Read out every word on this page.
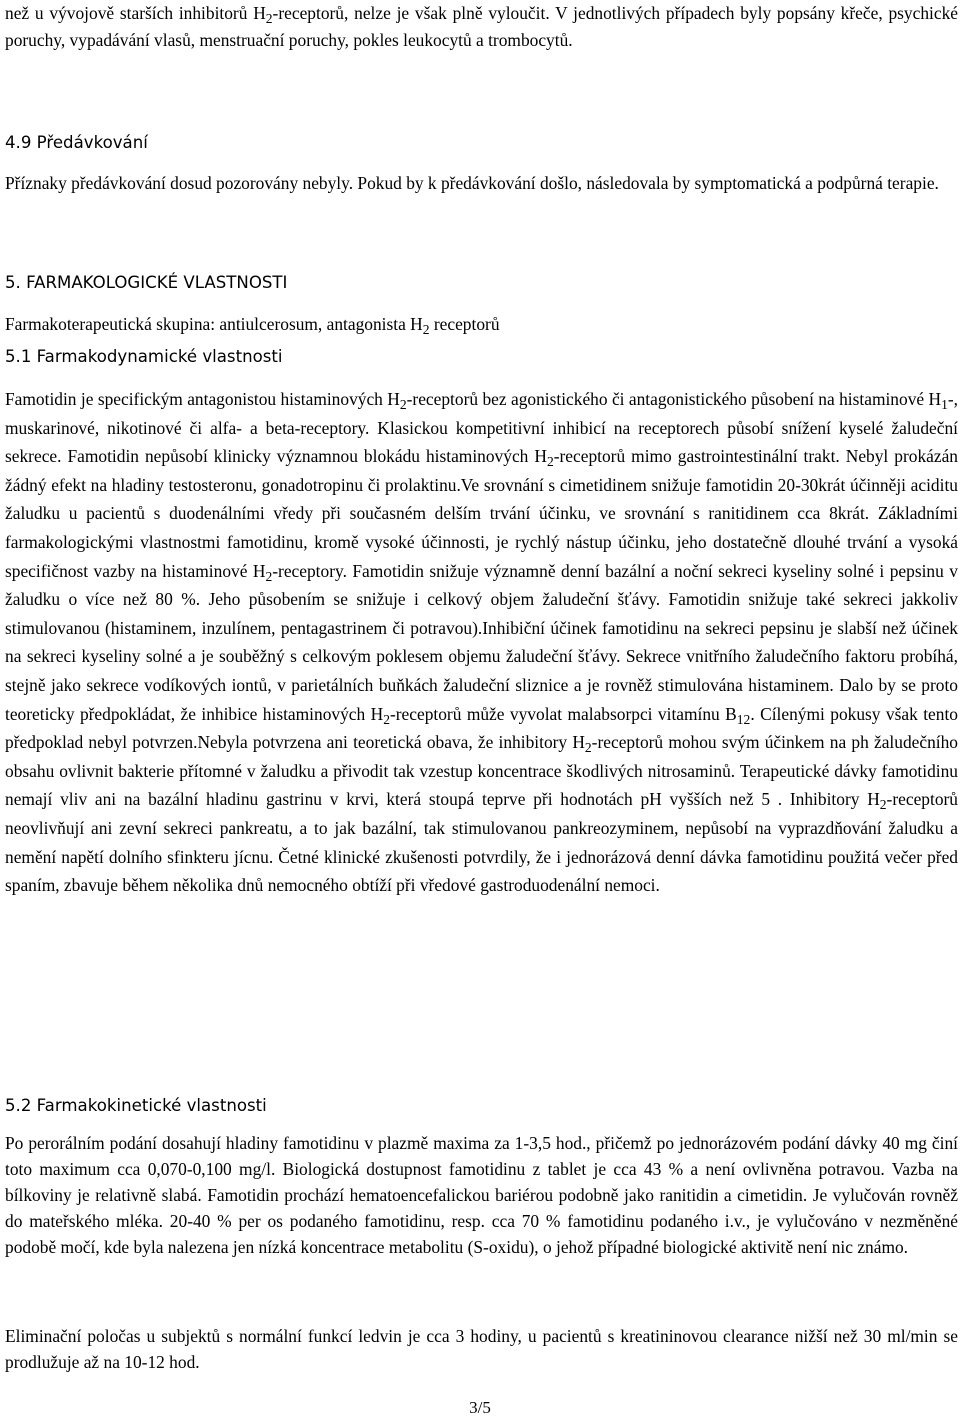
než u vývojově starších inhibitorů $H_2$-receptorů, nelze je však plně vyloučit. V jednotlivých případech byly popsány křeče, psychické poruchy, vypadávání vlasů, menstruační poruchy, pokles leukocytů a trombocytů.

4.9 Předávkování

Příznaky předávkování dosud pozorovány nebyly. Pokud by k předávkování došlo, následovala by symptomatická a podpůrná terapie.

5. FARMAKOLOGICKÉ VLASTNOSTI

Farmakoterapeutická skupina: antiulcerosum, antagonista $H_2$ receptorů

5.1 Farmakodynamické vlastnosti

Famotidin je specifickým antagonistou histaminových $H_2$-receptorů bez agonistického či antagonistického působení na histaminové $H_1-$, muskarinové, nikotinové či alfa- a beta-receptory. Klasickou kompetitivní inhibicí na receptorech působí snížení kyselé žaludeční sekrece. Famotidin nepůsobí klinicky významnou blokádu histaminových $H_2$-receptorů mimo gastrointestinální trakt. Nebyl prokázán žádný efekt na hladiny testosteronu, gonadotropinu či prolaktinu.Ve srovnání s cimetidinem snižuje famotidin 20-30krát účinněji aciditu žaludku u pacientů s duodenálními vředy při současném delším trvání účinku, ve srovnání s ranitidinem cca 8krát. Základními farmakologickými vlastnostmi famotidinu, kromě vysoké účinnosti, je rychlý nástup účinku, jeho dostatečně dlouhé trvání a vysoká specifičnost vazby na histaminové $H_2$-receptory. Famotidin snižuje významně denní bazální a noční sekreci kyseliny solné i pepsinu v žaludku o více než 80 %. Jeho působením se snižuje i celkový objem žaludeční šťávy. Famotidin snižuje také sekreci jakkoliv stimulovanou (histaminem, inzulínem, pentagastrinem či potravou).Inhibiční účinek famotidinu na sekreci pepsinu je slabší než účinek na sekreci kyseliny solné a je souběžný s celkovým poklesem objemu žaludeční šťávy. Sekrece vnitřního žaludečního faktoru probíhá, stejně jako sekrece vodíkových iontů, v parietálních buňkách žaludeční sliznice a je rovněž stimulována histaminem. Dalo by se proto teoreticky předpokládat, že inhibice histaminových $H_2$-receptorů může vyvolat malabsorpci vitamínu $B_{12}$. Cílenými pokusy však tento předpoklad nebyl potvrzen.Nebyla potvrzena ani teoretická obava, že inhibitory $H_2$-receptorů mohou svým účinkem na ph žaludečního obsahu ovlivnit bakterie přítomné v žaludku a přivodit tak vzestup koncentrace škodlivých nitrosaminů. Terapeutické dávky famotidinu nemají vliv ani na bazální hladinu gastrinu v krvi, která stoupá teprve při hodnotách pH vyšších než 5 . Inhibitory $H_2$-receptorů neovlivňují ani zevní sekreci pankreatu, a to jak bazální, tak stimulovanou pankreozyminem, nepůsobí na vyprazdňování žaludku a nemění napětí dolního sfinkteru jícnu. Četné klinické zkušenosti potvrdily, že i jednorázová denní dávka famotidinu použitá večer před spaním, zbavuje během několika dnů nemocného obtíží při vředové gastroduodenální nemoci.

5.2 Farmakokinetické vlastnosti

Po perorálním podání dosahují hladiny famotidinu v plazmě maxima za 1-3,5 hod., přičemž po jednorázovém podání dávky 40 mg činí toto maximum cca 0,070-0,100 mg/l. Biologická dostupnost famotidinu z tablet je cca 43 % a není ovlivněna potravou. Vazba na bílkoviny je relativně slabá. Famotidin prochází hematoencefalickou bariérou podobně jako ranitidin a cimetidin. Je vylučován rovněž do mateřského mléka. 20-40 % per os podaného famotidinu, resp. cca 70 % famotidinu podaného i.v., je vylučováno v nezměněné podobě močí, kde byla nalezena jen nízká koncentrace metabolitu (S-oxidu), o jehož případné biologické aktivitě není nic známo.

Eliminační poločas u subjektů s normální funkcí ledvin je cca 3 hodiny, u pacientů s kreatininovou clearance nižší než 30 ml/min se prodlužuje až na 10-12 hod.

3/5
